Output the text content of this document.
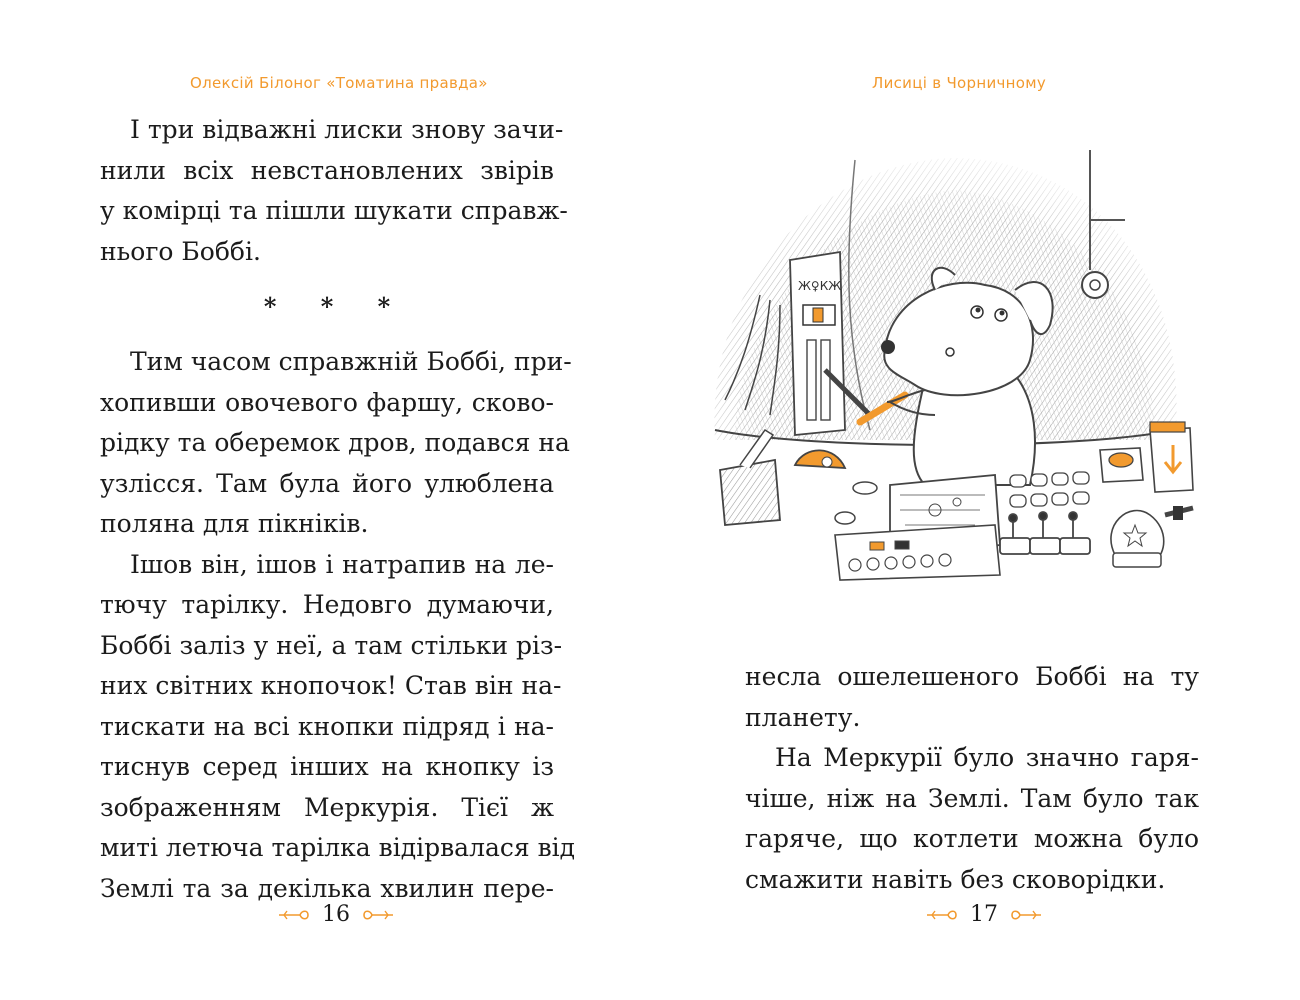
Олексій Білоног «Томатина правда»
І три відважні лиски знову зачи-
нили всіх невстановлених звірів
у комірці та пішли шукати справж-
нього Боббі.
* * *
Тим часом справжній Боббі, при-
хопивши овочевого фаршу, сково-
рідку та оберемок дров, подався на
узлісся. Там була його улюблена
поляна для пікніків.
Ішов він, ішов і натрапив на ле-
тючу тарілку. Недовго думаючи,
Боббі заліз у неї, а там стільки різ-
них світних кнопочок! Став він на-
тискати на всі кнопки підряд і на-
тиснув серед інших на кнопку із
зображенням Меркурія. Тієї ж
миті летюча тарілка відірвалася від
Землі та за декілька хвилин пере-
16
Лисиці в Чорничному
Ж♀КЖ
несла ошелешеного Боббі на ту
планету.
На Меркурії було значно гаря-
чіше, ніж на Землі. Там було так
гаряче, що котлети можна було
смажити навіть без сковорідки.
17
